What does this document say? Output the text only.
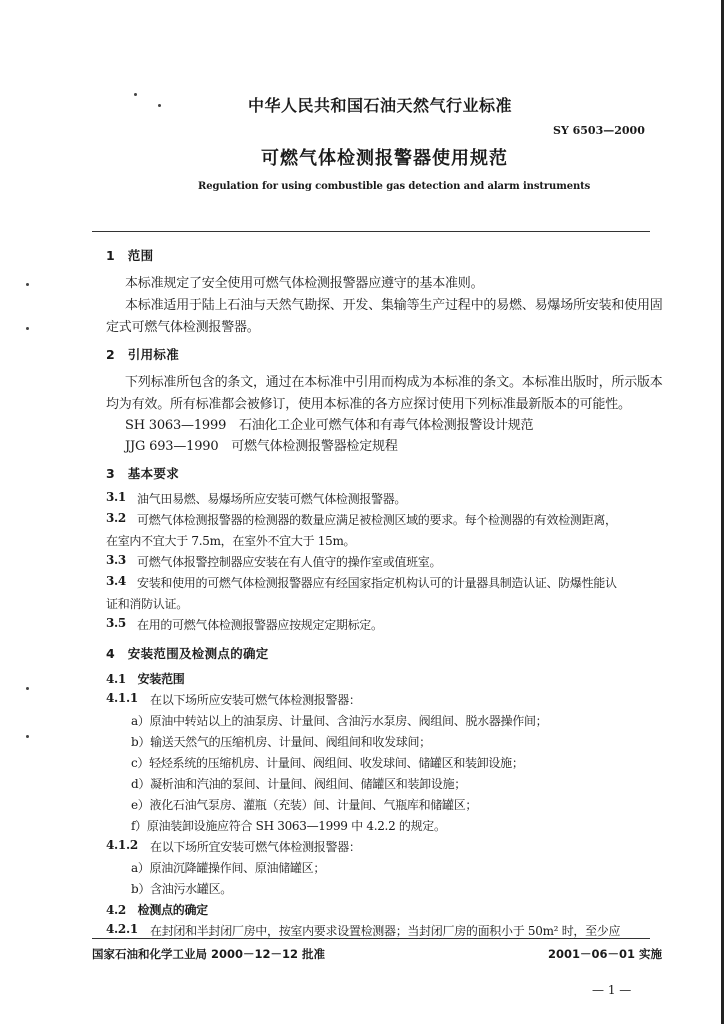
中华人民共和国石油天然气行业标准
SY 6503—2000
可燃气体检测报警器使用规范
Regulation for using combustible gas detection and alarm instruments
1　范围
本标准规定了安全使用可燃气体检测报警器应遵守的基本准则。
本标准适用于陆上石油与天然气勘探、开发、集输等生产过程中的易燃、易爆场所安装和使用固
定式可燃气体检测报警器。
2　引用标准
下列标准所包含的条文，通过在本标准中引用而构成为本标准的条文。本标准出版时，所示版本
均为有效。所有标准都会被修订，使用本标准的各方应探讨使用下列标准最新版本的可能性。
SH 3063—1999　石油化工企业可燃气体和有毒气体检测报警设计规范
JJG 693—1990　可燃气体检测报警器检定规程
3　基本要求
3.1 油气田易燃、易爆场所应安装可燃气体检测报警器。
3.2 可燃气体检测报警器的检测器的数量应满足被检测区域的要求。每个检测器的有效检测距离，
在室内不宜大于 7.5m，在室外不宜大于 15m。
3.3 可燃气体报警控制器应安装在有人值守的操作室或值班室。
3.4 安装和使用的可燃气体检测报警器应有经国家指定机构认可的计量器具制造认证、防爆性能认
证和消防认证。
3.5 在用的可燃气体检测报警器应按规定定期标定。
4　安装范围及检测点的确定
4.1　安装范围
4.1.1 在以下场所应安装可燃气体检测报警器：
a）原油中转站以上的油泵房、计量间、含油污水泵房、阀组间、脱水器操作间；
b）输送天然气的压缩机房、计量间、阀组间和收发球间；
c）轻烃系统的压缩机房、计量间、阀组间、收发球间、储罐区和装卸设施；
d）凝析油和汽油的泵间、计量间、阀组间、储罐区和装卸设施；
e）液化石油气泵房、灌瓶（充装）间、计量间、气瓶库和储罐区；
f）原油装卸设施应符合 SH 3063—1999 中 4.2.2 的规定。
4.1.2 在以下场所宜安装可燃气体检测报警器：
a）原油沉降罐操作间、原油储罐区；
b）含油污水罐区。
4.2　检测点的确定
4.2.1 在封闭和半封闭厂房中，按室内要求设置检测器；当封闭厂房的面积小于 50m² 时，至少应
国家石油和化学工业局 2000－12－12 批准	2001－06－01 实施
— 1 —
